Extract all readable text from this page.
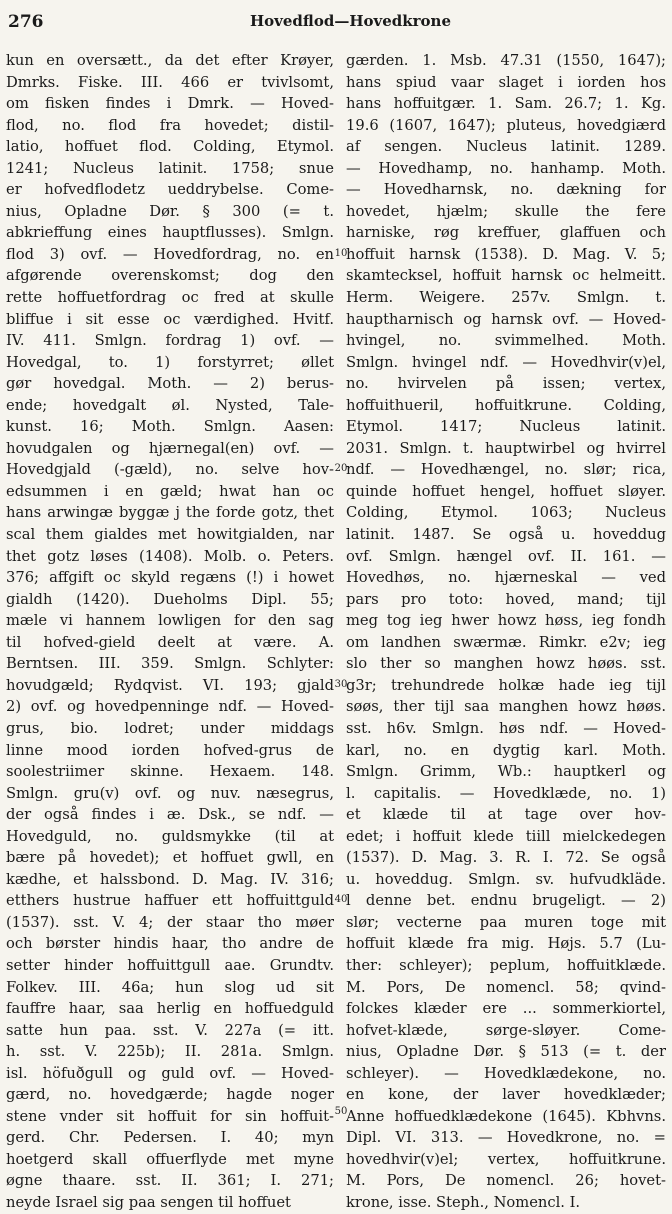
276	Hovedflod—Hovedkrone
kun en oversætt., da det efter Krøyer,
Dmrks. Fiske. III. 466 er tvivlsomt,
om fisken findes i Dmrk. — Hoved-
flod, no. flod fra hovedet; distil-
latio, hoffuet flod. Colding, Etymol.
1241; Nucleus latinit. 1758; snue
er hofvedflodetz ueddrybelse. Come-
nius, Opladne Dør. § 300 (= t.
abkrieffung eines hauptflusses). Smlgn.
flod 3) ovf. — Hovedfordrag, no. en
afgørende overenskomst; dog den
rette hoffuetfordrag oc fred at skulle
bliffue i sit esse oc værdighed. Hvitf.
IV. 411. Smlgn. fordrag 1) ovf. —
Hovedgal, to. 1) forstyrret; øllet
gør hovedgal. Moth. — 2) berus-
ende; hovedgalt øl. Nysted, Tale-
kunst. 16; Moth. Smlgn. Aasen:
hovudgalen og hjærnegal(en) ovf. —
Hovedgjald (-gæld), no. selve hov-
edsummen i en gæld; hwat han oc
hans arwingæ byggæ j the forde gotz, thet
scal them gialdes met howitgialden, nar
thet gotz løses (1408). Molb. o. Peters.
376; affgift oc skyld regæns (!) i howet
gialdh (1420). Dueholms Dipl. 55;
mæle vi hannem lowligen for den sag
til hofved-gield deelt at være. A.
Berntsen. III. 359. Smlgn. Schlyter:
hovudgæld; Rydqvist. VI. 193; gjald
2) ovf. og hovedpenninge ndf. — Hoved-
grus, bio. lodret; under middags
linne mood iorden hofved-grus de
soolestriimer skinne. Hexaem. 148.
Smlgn. gru(v) ovf. og nuv. næsegrus,
der også findes i æ. Dsk., se ndf. —
Hovedguld, no. guldsmykke (til at
bære på hovedet); et hoffuet gwll, en
kædhe, et halssbond. D. Mag. IV. 316;
etthers hustrue haffuer ett hoffuittguld
(1537). sst. V. 4; der staar tho møer
och børster hindis haar, tho andre de
setter hinder hoffuittgull aae. Grundtv.
Folkev. III. 46a; hun slog ud sit
fauffre haar, saa herlig en hoffuedguld
satte hun paa. sst. V. 227a (= itt.
h. sst. V. 225b); II. 281a. Smlgn.
isl. höfuðgull og guld ovf. — Hoved-
gærd, no. hovedgærde; hagde noger
stene vnder sit hoffuit for sin hoffuit-
gerd. Chr. Pedersen. I. 40; myn
hoetgerd skall offuerflyde met myne
øgne thaare. sst. II. 361; I. 271;
neyde Israel sig paa sengen til hoffuet
gærden. 1. Msb. 47.31 (1550, 1647);
hans spiud vaar slaget i iorden hos
hans hoffuitgær. 1. Sam. 26.7; 1. Kg.
19.6 (1607, 1647); pluteus, hovedgiærd
af sengen. Nucleus latinit. 1289.
— Hovedhamp, no. hanhamp. Moth.
— Hovedharnsk, no. dækning for
hovedet, hjælm; skulle the fere
harniske, røg kreffuer, glaffuen och
hoffuit harnsk (1538). D. Mag. V. 5;
skamtecksel, hoffuit harnsk oc helmeitt.
Herm. Weigere. 257v. Smlgn. t.
hauptharnisch og harnsk ovf. — Hoved-
hvingel, no. svimmelhed. Moth.
Smlgn. hvingel ndf. — Hovedhvir(v)el,
no. hvirvelen på issen; vertex,
hoffuithueril, hoffuitkrune. Colding,
Etymol. 1417; Nucleus latinit.
2031. Smlgn. t. hauptwirbel og hvirrel
ndf. — Hovedhængel, no. slør; rica,
quinde hoffuet hengel, hoffuet sløyer.
Colding, Etymol. 1063; Nucleus
latinit. 1487. Se også u. hoveddug
ovf. Smlgn. hængel ovf. II. 161. —
Hovedhøs, no. hjærneskal — ved
pars pro toto: hoved, mand; tijl
meg tog ieg hwer howz høss, ieg fondh
om landhen swærmæ. Rimkr. e2v; ieg
slo ther so manghen howz høøs. sst.
g3r; trehundrede holkæ hade ieg tijl
søøs, ther tijl saa manghen howz høøs.
sst. h6v. Smlgn. høs ndf. — Hoved-
karl, no. en dygtig karl. Moth.
Smlgn. Grimm, Wb.: hauptkerl og
l. capitalis. — Hovedklæde, no. 1)
et klæde til at tage over hov-
edet; i hoffuit klede tiill mielckedegen
(1537). D. Mag. 3. R. I. 72. Se også
u. hoveddug. Smlgn. sv. hufvudkläde.
l denne bet. endnu brugeligt. — 2)
slør; vecterne paa muren toge mit
hoffuit klæde fra mig. Højs. 5.7 (Lu-
ther: schleyer); peplum, hoffuitklæde.
M. Pors, De nomencl. 58; qvind-
folckes klæder ere ... sommerkiortel,
hofvet-klæde, sørge-sløyer. Come-
nius, Opladne Dør. § 513 (= t. der
schleyer). — Hovedklædekone, no.
en kone, der laver hovedklæder;
Anne hoffuedklædekone (1645). Kbhvns.
Dipl. VI. 313. — Hovedkrone, no. =
hovedhvir(v)el; vertex, hoffuitkrune.
M. Pors, De nomencl. 26; hovet-
krone, isse. Steph., Nomencl. I.
10
20
30
40
50
